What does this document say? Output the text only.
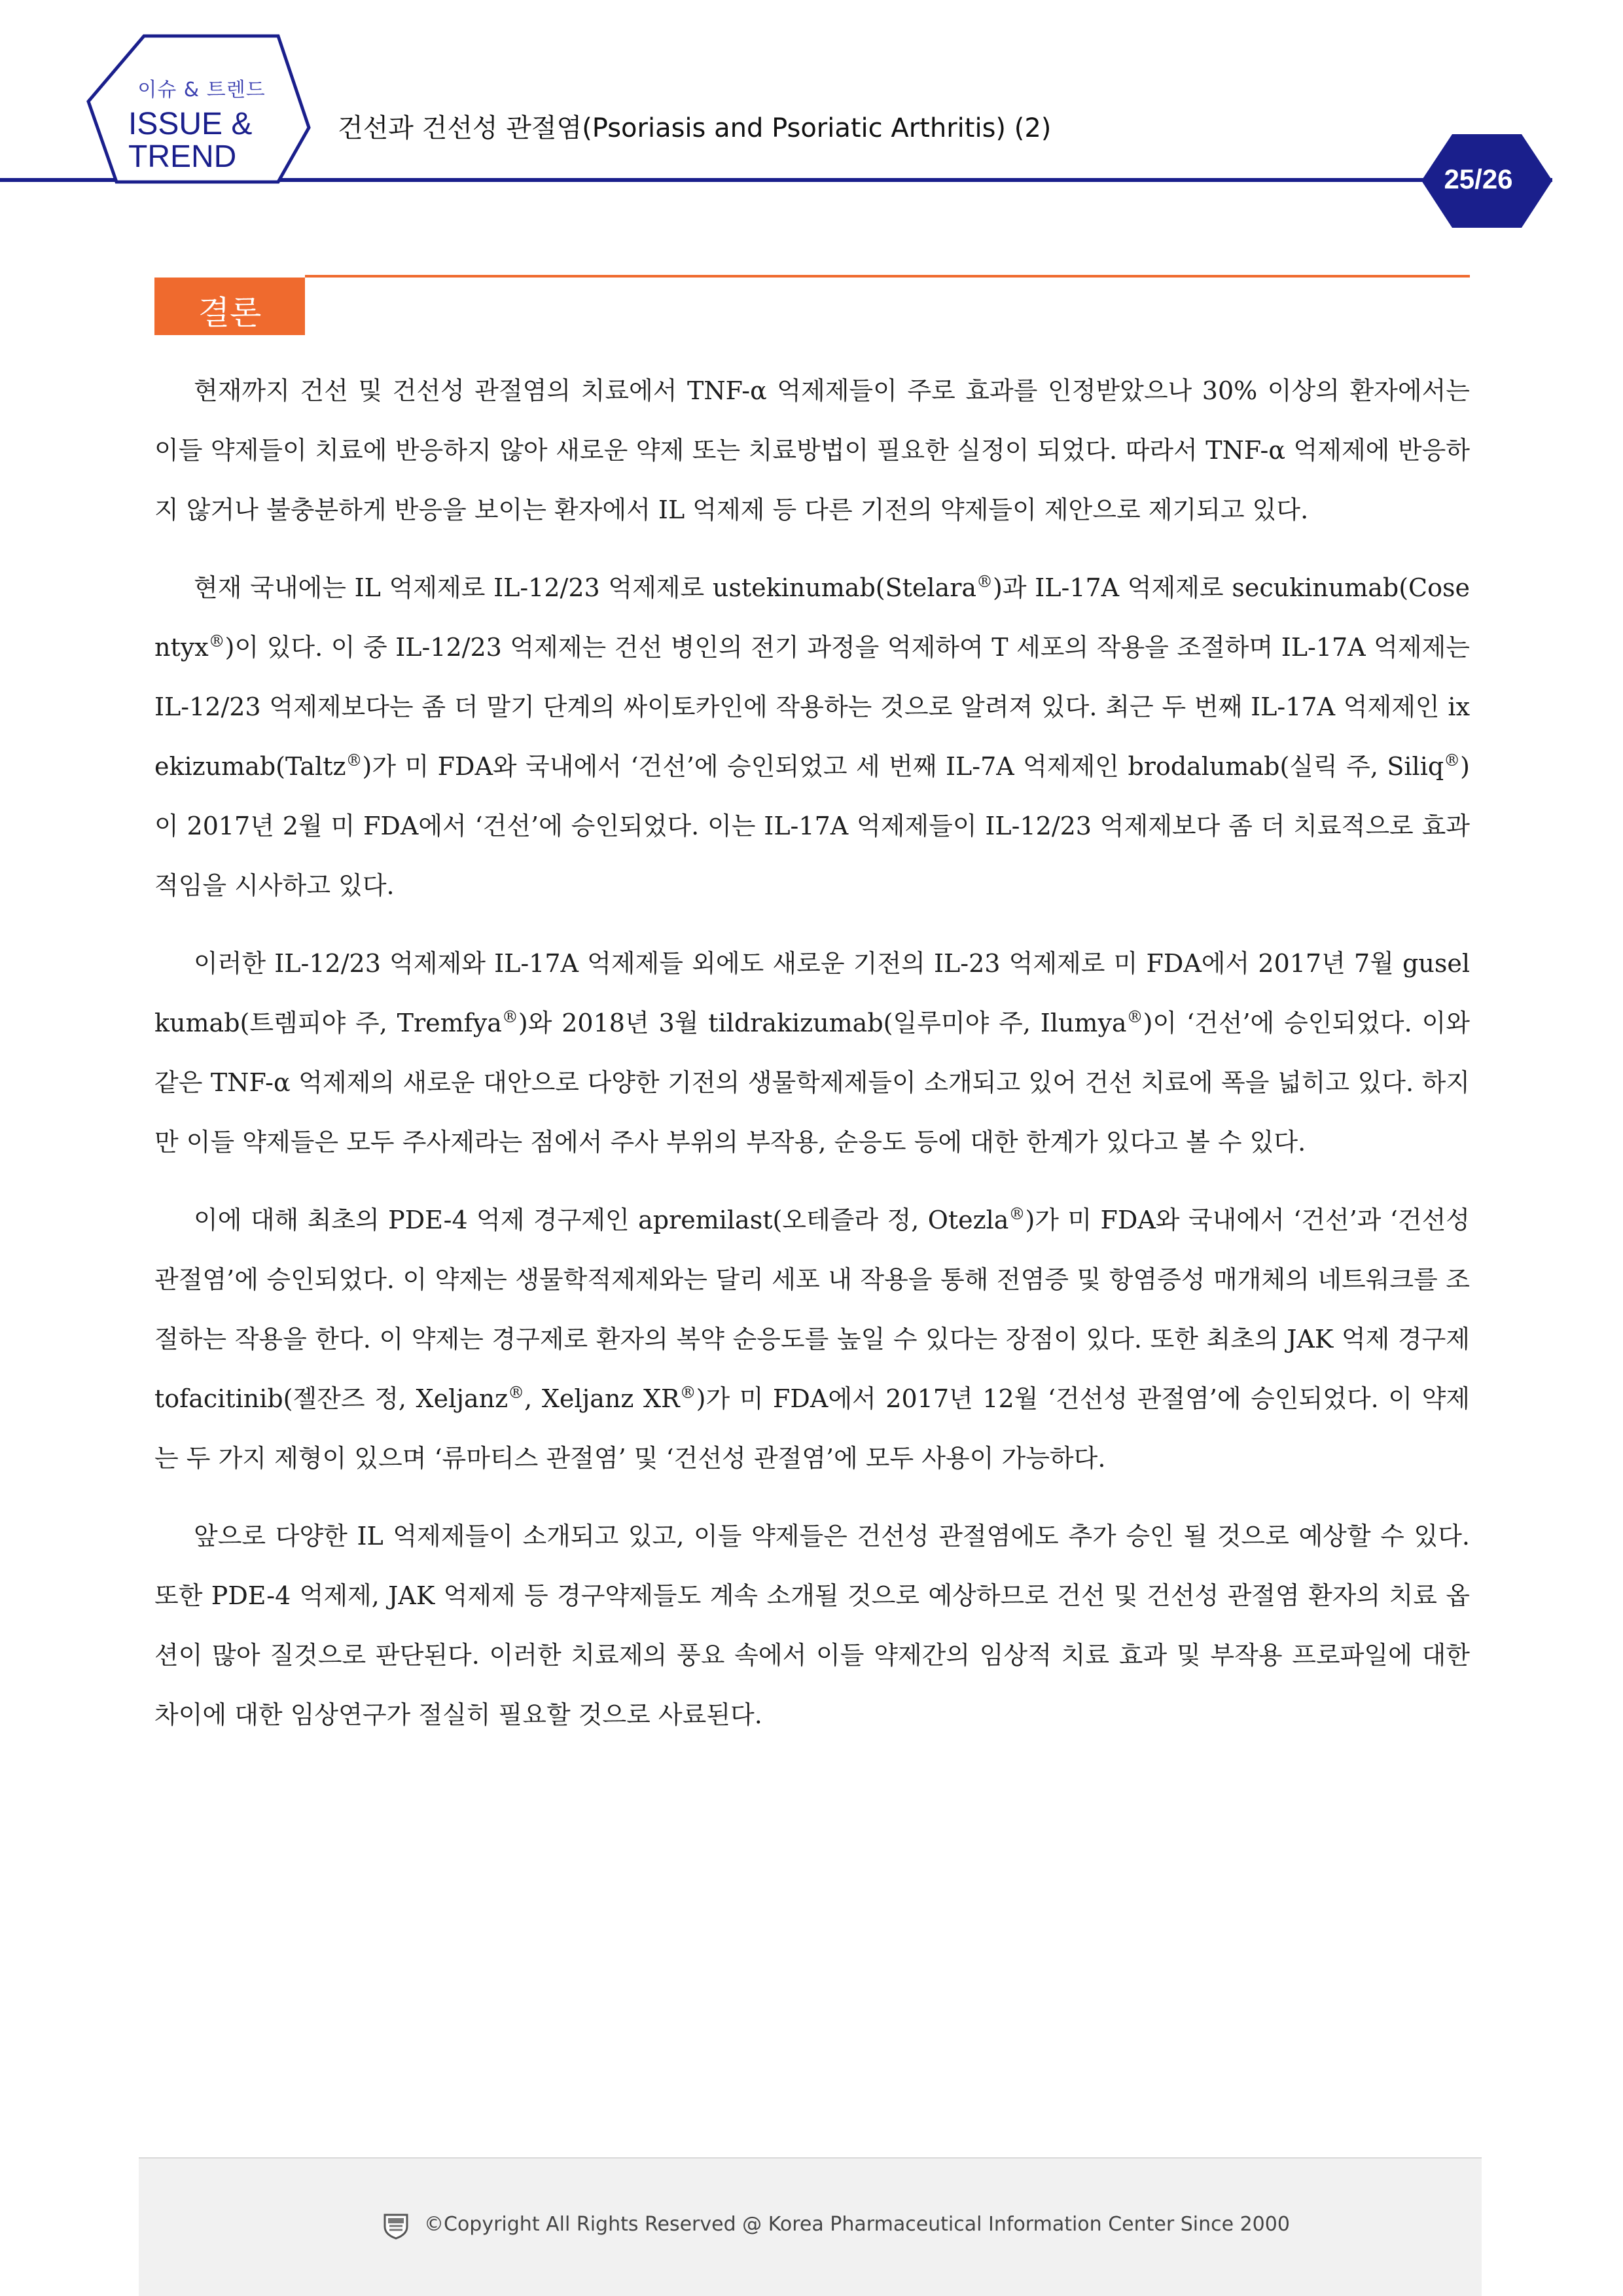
이슈 & 트렌드
ISSUE &
TREND
건선과 건선성 관절염(Psoriasis and Psoriatic Arthritis) (2)
25/26
결론

현재까지 건선 및 건선성 관절염의 치료에서 TNF-α 억제제들이 주로 효과를 인정받았으나 30% 이상의 환자에서는 이들 약제들이 치료에 반응하지 않아 새로운 약제 또는 치료방법이 필요한 실정이 되었다. 따라서 TNF-α 억제제에 반응하지 않거나 불충분하게 반응을 보이는 환자에서 IL 억제제 등 다른 기전의 약제들이 제안으로 제기되고 있다.

현재 국내에는 IL 억제제로 IL-12/23 억제제로 ustekinumab(Stelara®)과 IL-17A 억제제로 secukinumab(Cosentyx®)이 있다. 이 중 IL-12/23 억제제는 건선 병인의 전기 과정을 억제하여 T 세포의 작용을 조절하며 IL-17A 억제제는 IL-12/23 억제제보다는 좀 더 말기 단계의 싸이토카인에 작용하는 것으로 알려져 있다. 최근 두 번째 IL-17A 억제제인 ixekizumab(Taltz®)가 미 FDA와 국내에서 ‘건선’에 승인되었고 세 번째 IL-7A 억제제인 brodalumab(실릭 주, Siliq®)이 2017년 2월 미 FDA에서 ‘건선’에 승인되었다. 이는 IL-17A 억제제들이 IL-12/23 억제제보다 좀 더 치료적으로 효과적임을 시사하고 있다.

이러한 IL-12/23 억제제와 IL-17A 억제제들 외에도 새로운 기전의 IL-23 억제제로 미 FDA에서 2017년 7월 guselkumab(트렘피야 주, Tremfya®)와 2018년 3월 tildrakizumab(일루미야 주, Ilumya®)이 ‘건선’에 승인되었다. 이와 같은 TNF-α 억제제의 새로운 대안으로 다양한 기전의 생물학제제들이 소개되고 있어 건선 치료에 폭을 넓히고 있다. 하지만 이들 약제들은 모두 주사제라는 점에서 주사 부위의 부작용, 순응도 등에 대한 한계가 있다고 볼 수 있다.

이에 대해 최초의 PDE-4 억제 경구제인 apremilast(오테즐라 정, Otezla®)가 미 FDA와 국내에서 ‘건선’과 ‘건선성 관절염’에 승인되었다. 이 약제는 생물학적제제와는 달리 세포 내 작용을 통해 전염증 및 항염증성 매개체의 네트워크를 조절하는 작용을 한다. 이 약제는 경구제로 환자의 복약 순응도를 높일 수 있다는 장점이 있다. 또한 최초의 JAK 억제 경구제 tofacitinib(젤잔즈 정, Xeljanz®, Xeljanz XR®)가 미 FDA에서 2017년 12월 ‘건선성 관절염’에 승인되었다. 이 약제는 두 가지 제형이 있으며 ‘류마티스 관절염’ 및 ‘건선성 관절염’에 모두 사용이 가능하다.

앞으로 다양한 IL 억제제들이 소개되고 있고, 이들 약제들은 건선성 관절염에도 추가 승인 될 것으로 예상할 수 있다. 또한 PDE-4 억제제, JAK 억제제 등 경구약제들도 계속 소개될 것으로 예상하므로 건선 및 건선성 관절염 환자의 치료 옵션이 많아 질것으로 판단된다. 이러한 치료제의 풍요 속에서 이들 약제간의 임상적 치료 효과 및 부작용 프로파일에 대한 차이에 대한 임상연구가 절실히 필요할 것으로 사료된다.

©Copyright All Rights Reserved @ Korea Pharmaceutical Information Center Since 2000
